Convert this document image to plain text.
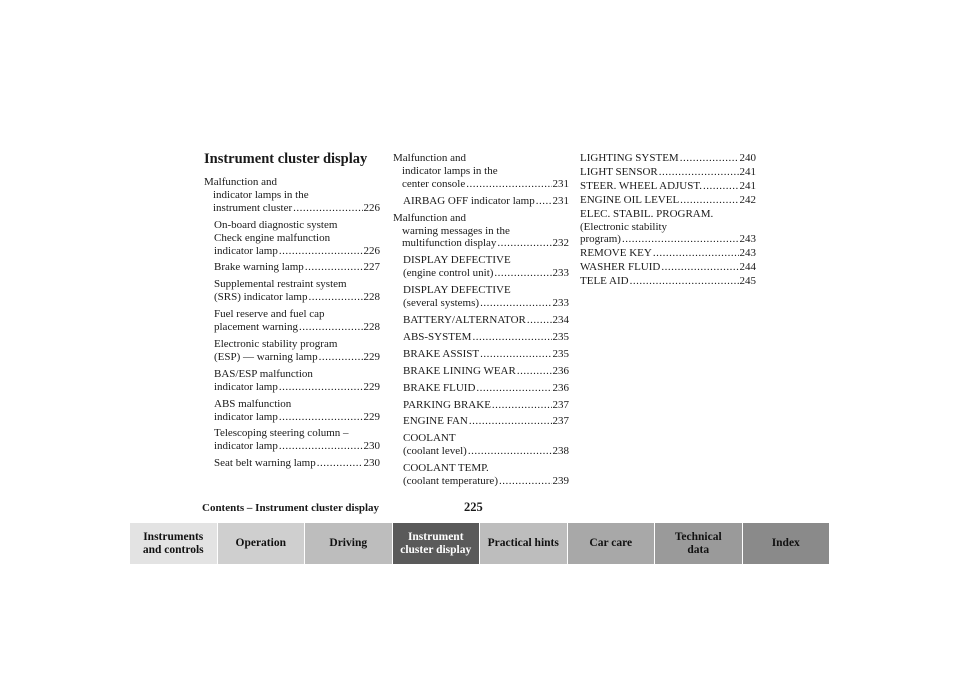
Instrument cluster display
Malfunction and
indicator lamps in the
instrument cluster .....	226
On-board diagnostic system
Check engine malfunction
indicator lamp .....	226
Brake warning lamp .....	227
Supplemental restraint system
(SRS) indicator lamp .....	228
Fuel reserve and fuel cap
placement warning .....	228
Electronic stability program
(ESP) — warning lamp .....	229
BAS/ESP malfunction
indicator lamp .....	229
ABS malfunction
indicator lamp .....	229
Telescoping steering column –
indicator lamp .....	230
Seat belt warning lamp .....	230
Malfunction and
indicator lamps in the
center console .....	231
AIRBAG OFF indicator lamp ..... 231
Malfunction and
warning messages in the
multifunction display .....	232
DISPLAY DEFECTIVE
(engine control unit) .....	233
DISPLAY DEFECTIVE
(several systems) .....	233
BATTERY/ALTERNATOR ..... 234
ABS-SYSTEM .....	235
BRAKE ASSIST .....	235
BRAKE LINING WEAR .....	236
BRAKE FLUID .....	236
PARKING BRAKE .....	237
ENGINE FAN .....	237
COOLANT
(coolant level) .....	238
COOLANT TEMP.
(coolant temperature) .....	239
LIGHTING SYSTEM .....	240
LIGHT SENSOR .....	241
STEER. WHEEL ADJUST. .....	241
ENGINE OIL LEVEL .....	242
ELEC. STABIL. PROGRAM.
(Electronic stability
program) .....	243
REMOVE KEY .....	243
WASHER FLUID .....	244
TELE AID .....	245
Contents – Instrument cluster display	225
Instruments
and controls
Operation	Driving
Instrument
cluster display
Practical hints	Car care
Technical
data
Index
